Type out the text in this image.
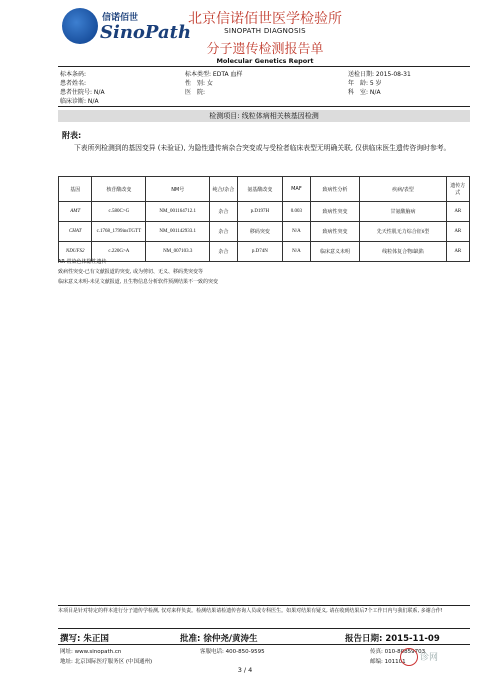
信诺佰世
SinoPath
北京信诺佰世医学检验所
SINOPATH DIAGNOSIS
分子遗传检测报告单
Molecular Genetics Report
标本条码:
患者姓名:
患者住院号: N/A
临床诊断: N/A
标本类型: EDTA 血样
性　别: 女
医　院:
送检日期: 2015-08-31
年　龄: 5 岁
科　室: N/A
检测项目: 线粒体病相关核基因检测
附表:
下表所列检测到的基因变异 (未验证), 为隐性遗传病杂合突变或与受检者临床表型无明确关联, 仅供临床医生遗传咨询时参考。
基因	核苷酸改变	NM号	纯合/杂合	氨基酸改变	MAF	致病性分析	疾病/表型	遗传方式
AMT	c.580C>G	NM_001164712.1	杂合	p.D197H	0.003	致病性突变	甘氨酸脑病	AR
CHAT	c.1768_1799insTGTT	NM_001142933.1	杂合	移码突变	N/A	致病性突变	先天性肌无力综合征6型	AR
NDUFS2	c.220G>A	NM_007103.3	杂合	p.D74N	N/A	临床意义未明	线粒体复合物I缺陷	AR
AR-常染色体隐性遗传
致病性突变-已有文献报道的突变, 或为剪切、无义、移码类突变等
临床意义未明-未见文献报道, 且生物信息分析软件预测结果不一致的突变
本项目是针对特定的样本进行分子遗传学检测, 仅对来样负责。检测结果请检遗传咨询人员或专科医生。如果对结果有疑义, 请在收到结果后7个工作日内与我们联系, 多谢合作!
撰写: 朱正国	批准: 徐仲尧/黄涛生	报告日期: 2015-11-09
网址: www.sinopath.cn	客服电话: 400-850-9595	传真: 010-80859703
地址: 北京国际医疗服务区 (中国通州)	邮编: 101101
3 / 4
诊网
